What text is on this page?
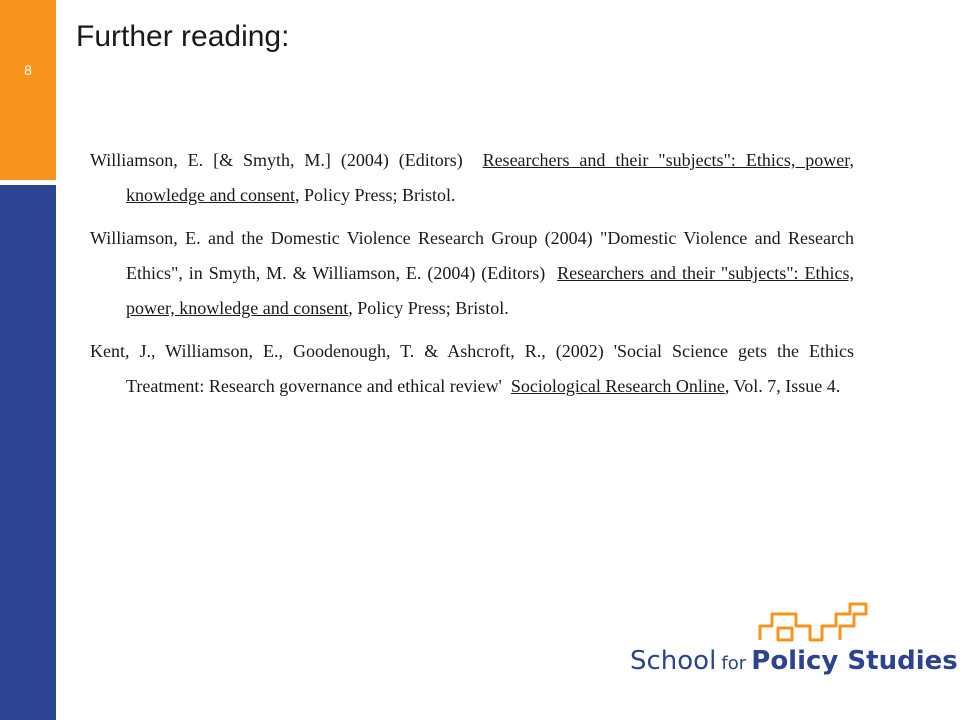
8
Further reading:

Williamson, E. [& Smyth, M.] (2004) (Editors) Researchers and their "subjects": Ethics, power, knowledge and consent, Policy Press; Bristol.

Williamson, E. and the Domestic Violence Research Group (2004) "Domestic Violence and Research Ethics", in Smyth, M. & Williamson, E. (2004) (Editors) Researchers and their "subjects": Ethics, power, knowledge and consent, Policy Press; Bristol.

Kent, J., Williamson, E., Goodenough, T. & Ashcroft, R., (2002) 'Social Science gets the Ethics Treatment: Research governance and ethical review' Sociological Research Online, Vol. 7, Issue 4.

School for Policy Studies
